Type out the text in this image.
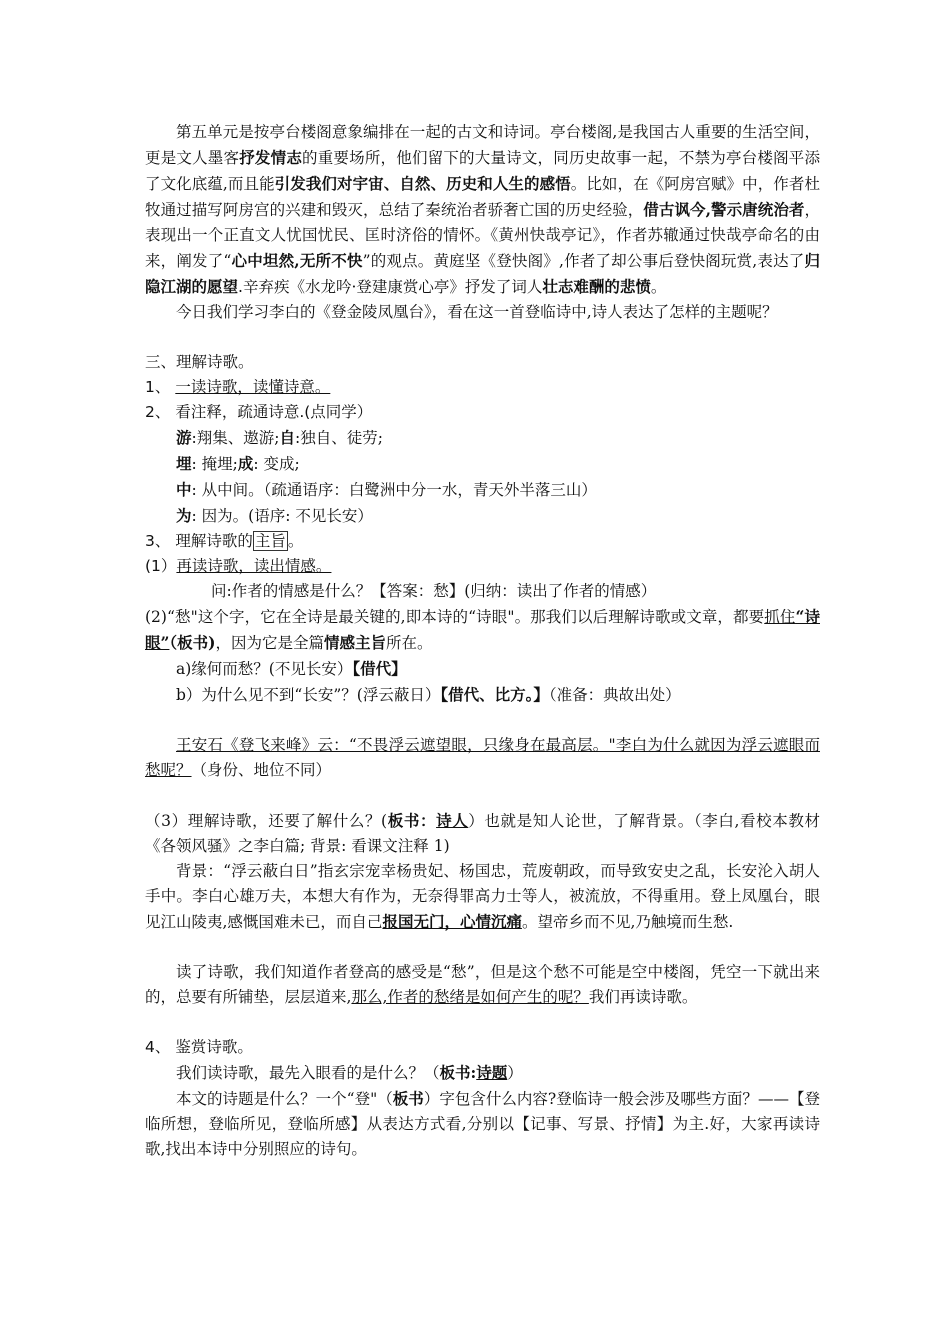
第五单元是按亭台楼阁意象编排在一起的古文和诗词。亭台楼阁,是我国古人重要的生活空间，更是文人墨客抒发情志的重要场所，他们留下的大量诗文，同历史故事一起，不禁为亭台楼阁平添了文化底蕴,而且能引发我们对宇宙、自然、历史和人生的感悟。比如，在《阿房宫赋》中，作者杜牧通过描写阿房宫的兴建和毁灭，总结了秦统治者骄奢亡国的历史经验，借古讽今,警示唐统治者，表现出一个正直文人忧国忧民、匡时济俗的情怀。《黄州快哉亭记》，作者苏辙通过快哉亭命名的由来，阐发了“心中坦然,无所不快”的观点。黄庭坚《登快阁》,作者了却公事后登快阁玩赏,表达了归隐江湖的愿望.辛弃疾《水龙吟·登建康赏心亭》抒发了词人壮志难酬的悲愤。

今日我们学习李白的《登金陵凤凰台》，看在这一首登临诗中,诗人表达了怎样的主题呢？

三、理解诗歌。

1、 一读诗歌，读懂诗意。

2、 看注释，疏通诗意.(点同学）

游:翔集、遨游;自:独自、徒劳;

埋: 掩埋;成: 变成;

中: 从中间。（疏通语序：白鹭洲中分一水，青天外半落三山）

为: 因为。(语序: 不见长安）

3、 理解诗歌的 主旨 。

(1）再读诗歌，读出情感。

问:作者的情感是什么？【答案：愁】(归纳：读出了作者的情感）

(2)“愁"这个字，它在全诗是最关键的,即本诗的“诗眼"。那我们以后理解诗歌或文章，都要抓住“诗眼”（板书)，因为它是全篇情感主旨所在。

a)缘何而愁？(不见长安）【借代】

b）为什么见不到“长安”？(浮云蔽日）【借代、比方。】（准备：典故出处）

王安石《登飞来峰》云：“不畏浮云遮望眼，只缘身在最高层。"李白为什么就因为浮云遮眼而愁呢？（身份、地位不同）

（3）理解诗歌，还要了解什么？(板书：诗人）也就是知人论世，了解背景。（李白,看校本教材《各领风骚》之李白篇; 背景: 看课文注释 1)

背景：“浮云蔽白日”指玄宗宠幸杨贵妃、杨国忠，荒废朝政，而导致安史之乱，长安沦入胡人手中。李白心雄万夫，本想大有作为，无奈得罪高力士等人，被流放，不得重用。登上凤凰台，眼见江山陵夷,感慨国难未已，而自己报国无门，心情沉痛。望帝乡而不见,乃触境而生愁.

读了诗歌，我们知道作者登高的感受是“愁”，但是这个愁不可能是空中楼阁，凭空一下就出来的，总要有所铺垫，层层道来,那么,作者的愁绪是如何产生的呢？我们再读诗歌。

4、 鉴赏诗歌。

我们读诗歌，最先入眼看的是什么？（板书:诗题）

本文的诗题是什么？一个“登"（板书）字包含什么内容?登临诗一般会涉及哪些方面？——【登临所想，登临所见，登临所感】从表达方式看,分别以【记事、写景、抒情】为主.好，大家再读诗歌,找出本诗中分别照应的诗句。
